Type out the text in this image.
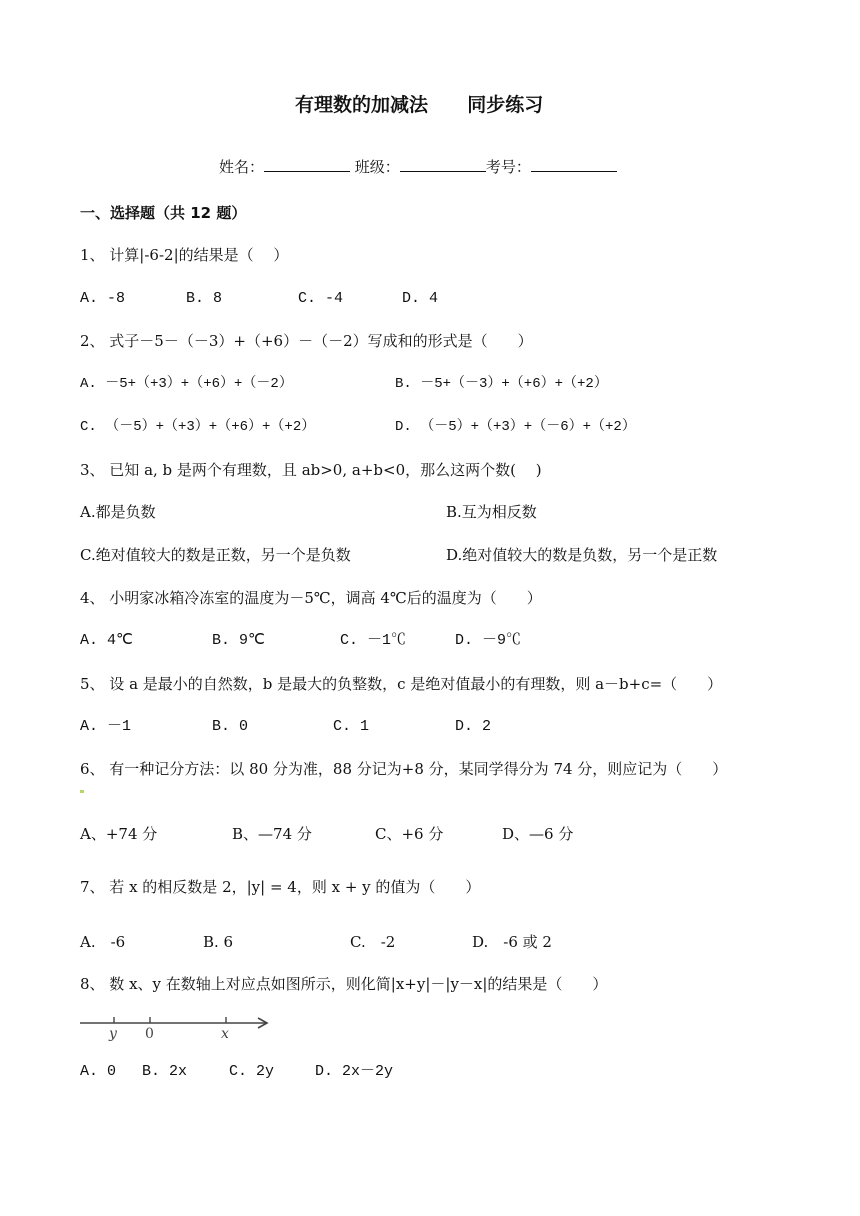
有理数的加减法 同步练习
姓名：	班级：	考号：
一、选择题（共 12 题）
1、 计算|-6-2|的结果是（　 ）
A. -8	B. 8	C. -4	D. 4
2、 式子－5－（－3）+（+6）－（－2）写成和的形式是（　　）
A. －5+（+3）+（+6）+（－2）	B. －5+（－3）+（+6）+（+2）
C. （－5）+（+3）+（+6）+（+2）	D. （－5）+（+3）+（－6）+（+2）
3、 已知 a, b 是两个有理数，且 ab>0, a+b<0，那么这两个数(　 )
A.都是负数	B.互为相反数
C.绝对值较大的数是正数，另一个是负数	D.绝对值较大的数是负数，另一个是正数
4、 小明家冰箱冷冻室的温度为－5℃，调高 4℃后的温度为（　　）
A. 4℃	B. 9℃	C. －1℃	D. －9℃
5、 设 a 是最小的自然数，b 是最大的负整数，c 是绝对值最小的有理数，则 a－b+c=（　　）
A. －1	B. 0	C. 1	D. 2
6、 有一种记分方法：以 80 分为准，88 分记为+8 分，某同学得分为 74 分，则应记为（　　）
A、+74 分	B、—74 分	C、+6 分	D、—6 分
7、 若 x 的相反数是 2，|y| = 4，则 x + y 的值为（　　）
A.　-6	B. 6	C.　-2	D.　-6 或 2
8、 数 x、y 在数轴上对应点如图所示，则化简|x+y|－|y－x|的结果是（　　）
y 0	x
A. 0 B. 2x	C. 2y	D. 2x－2y
